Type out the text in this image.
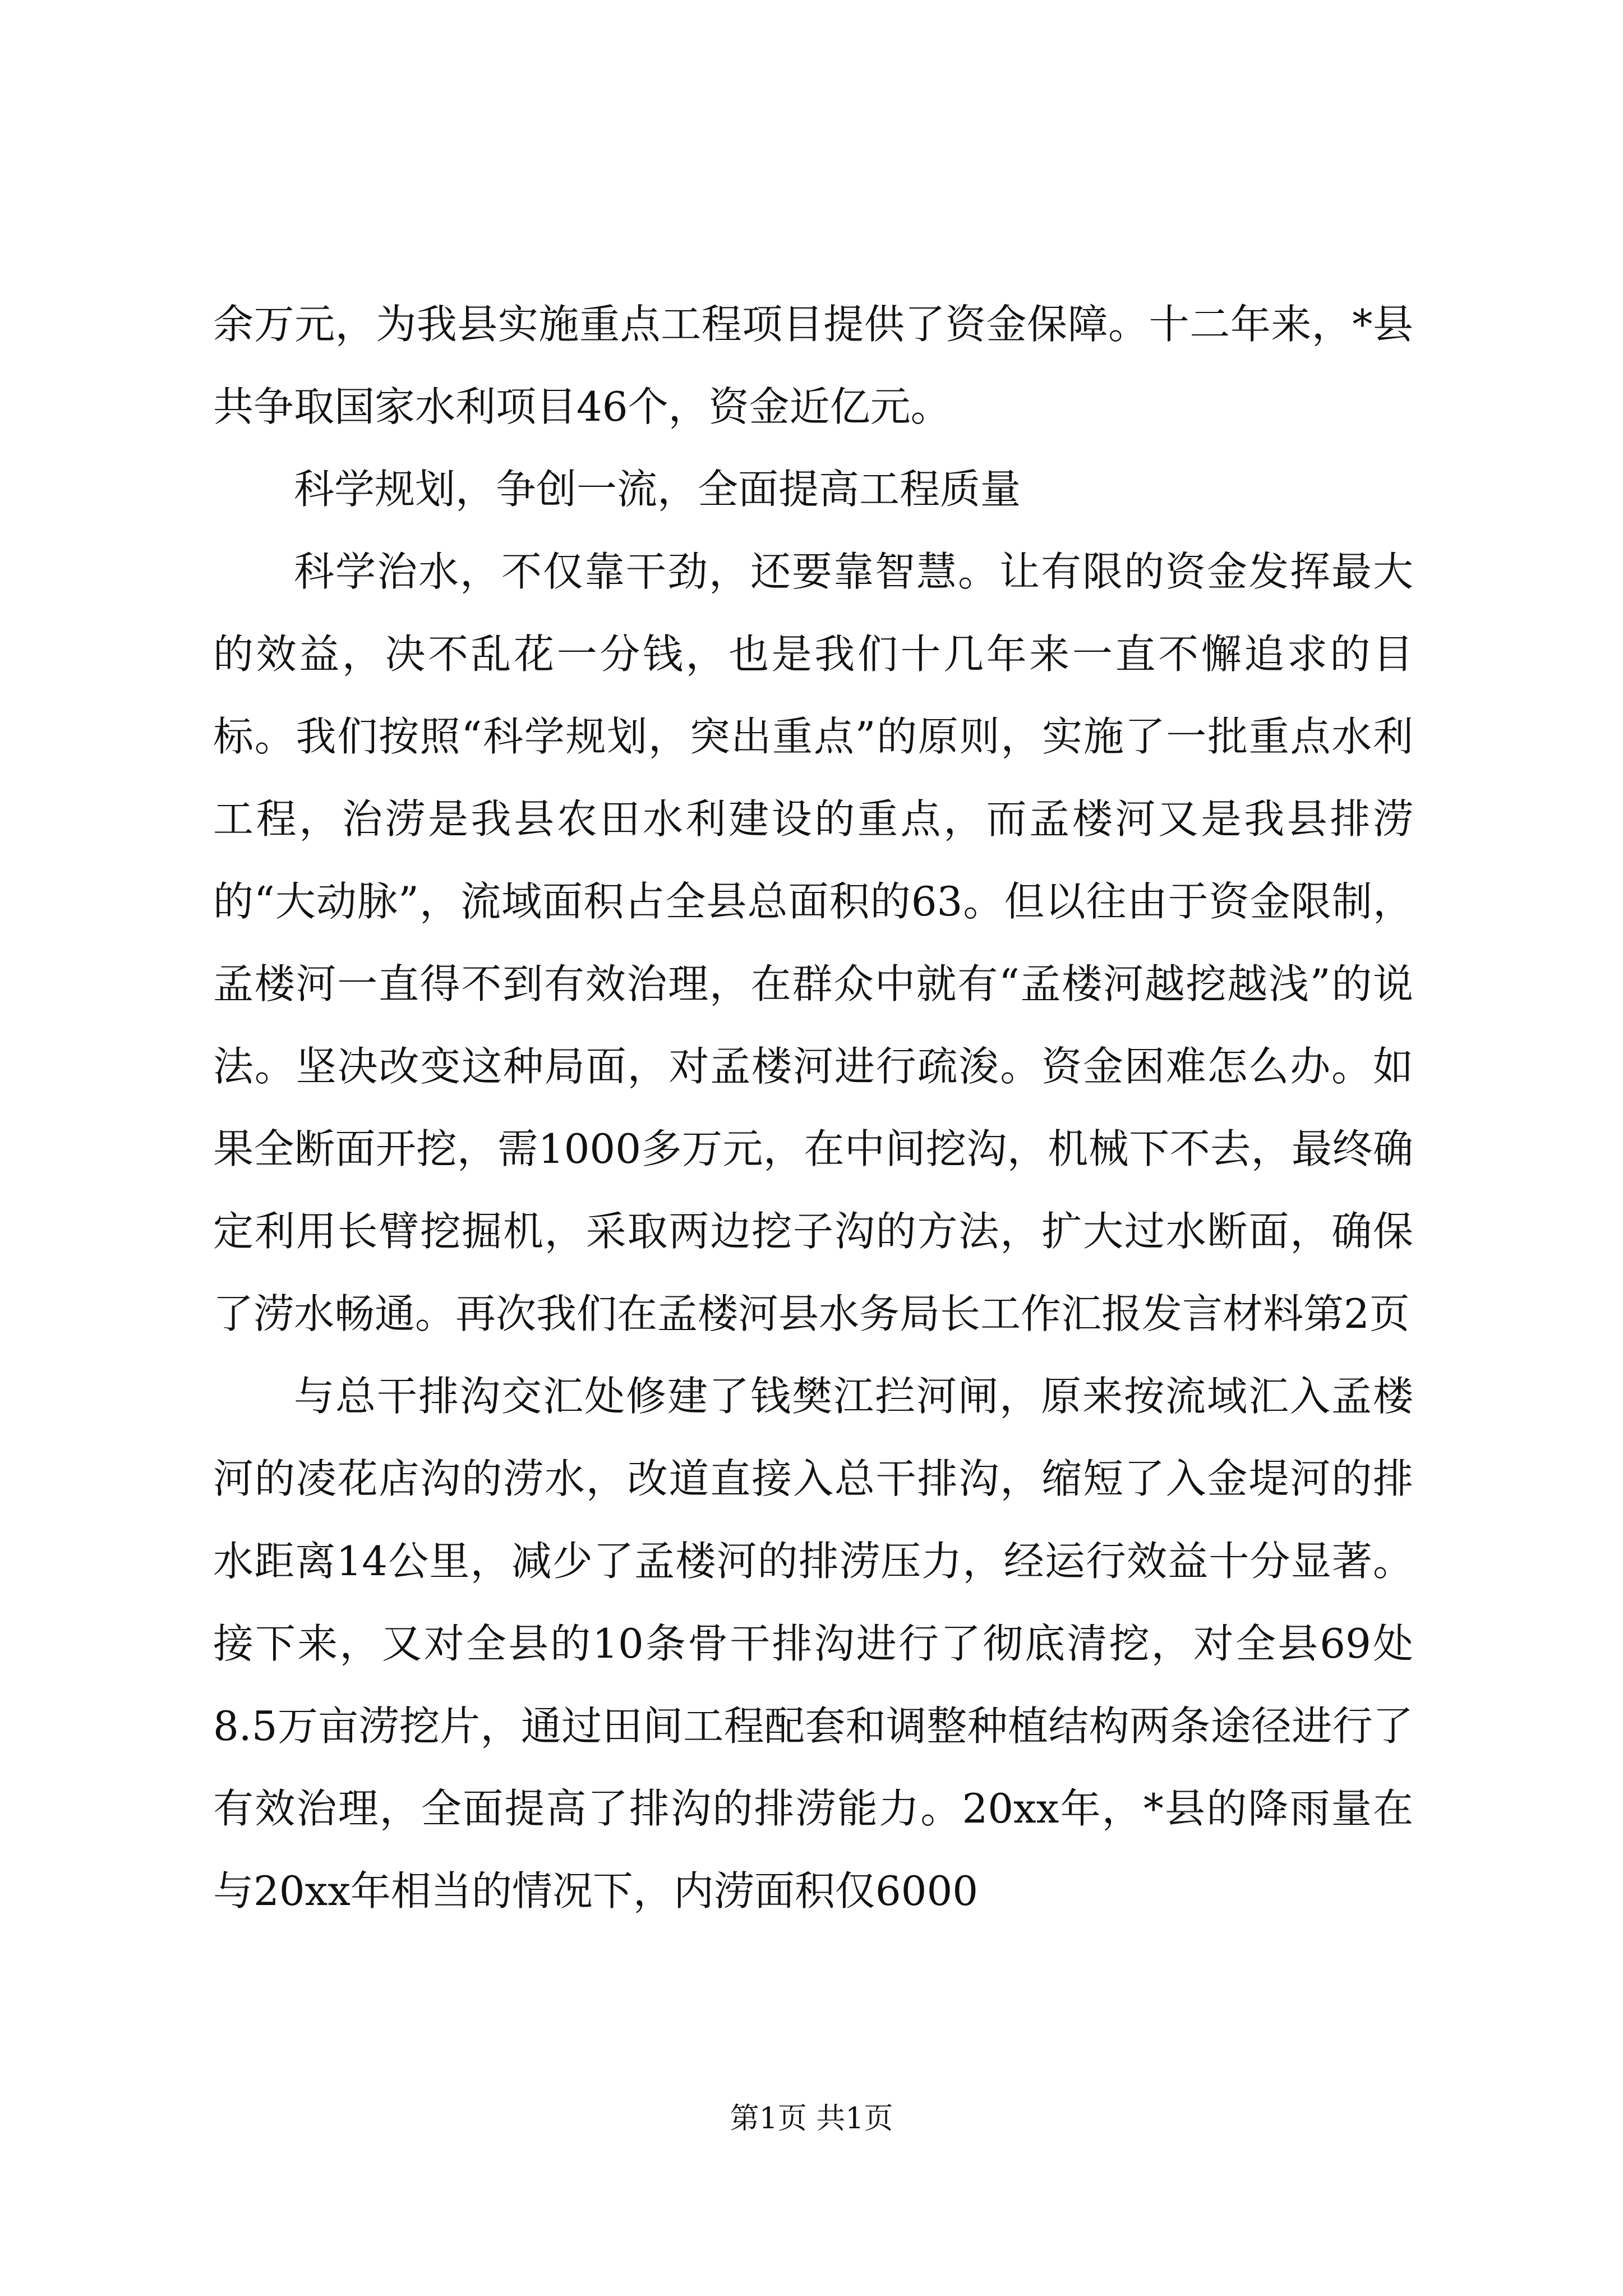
余万元，为我县实施重点工程项目提供了资金保障。十二年来，*县共争取国家水利项目46个，资金近亿元。

科学规划，争创一流，全面提高工程质量

科学治水，不仅靠干劲，还要靠智慧。让有限的资金发挥最大的效益，决不乱花一分钱，也是我们十几年来一直不懈追求的目标。我们按照“科学规划，突出重点”的原则，实施了一批重点水利工程，治涝是我县农田水利建设的重点，而孟楼河又是我县排涝的“大动脉”，流域面积占全县总面积的63。但以往由于资金限制，孟楼河一直得不到有效治理，在群众中就有“孟楼河越挖越浅”的说法。坚决改变这种局面，对孟楼河进行疏浚。资金困难怎么办。如果全断面开挖，需1000多万元，在中间挖沟，机械下不去，最终确定利用长臂挖掘机，采取两边挖子沟的方法，扩大过水断面，确保了涝水畅通。再次我们在孟楼河县水务局长工作汇报发言材料第2页

与总干排沟交汇处修建了钱樊江拦河闸，原来按流域汇入孟楼河的凌花店沟的涝水，改道直接入总干排沟，缩短了入金堤河的排水距离14公里，减少了孟楼河的排涝压力，经运行效益十分显著。接下来，又对全县的10条骨干排沟进行了彻底清挖，对全县69处8.5万亩涝挖片，通过田间工程配套和调整种植结构两条途径进行了有效治理，全面提高了排沟的排涝能力。20xx年，*县的降雨量在与20xx年相当的情况下，内涝面积仅6000

第1页 共1页
